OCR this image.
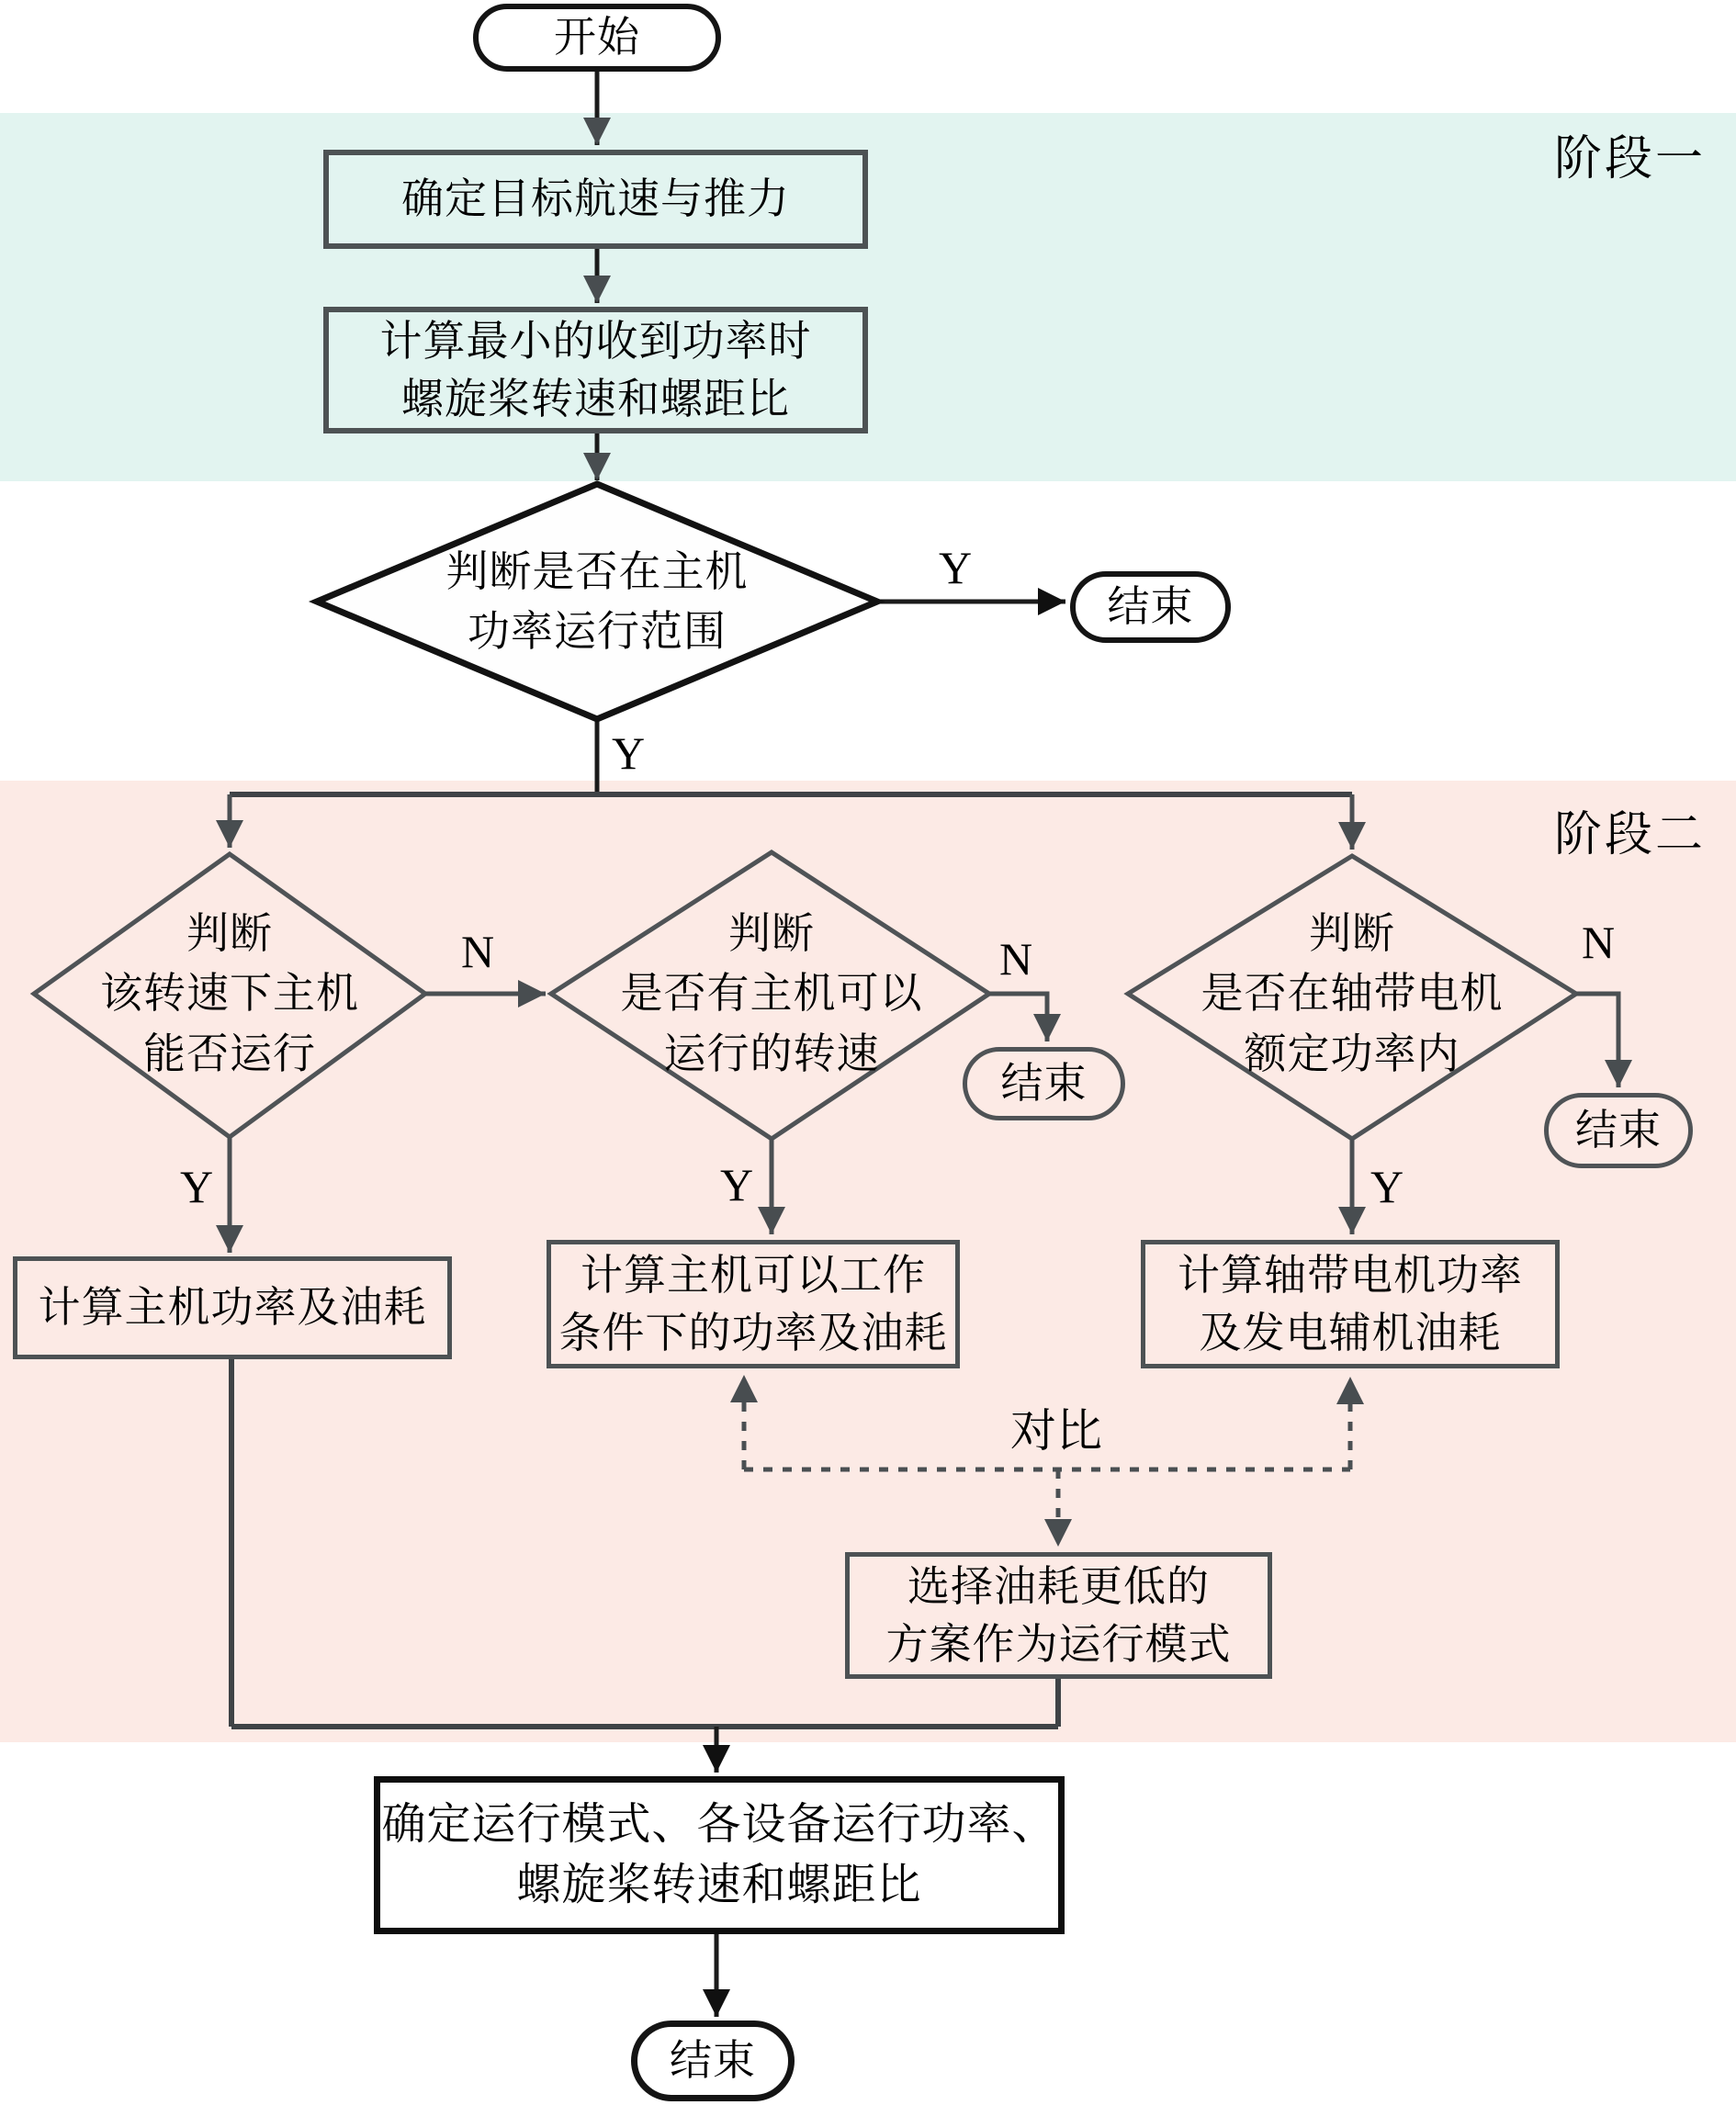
阶段一
阶段二
开始
确定目标航速与推力
计算最小的收到功率时
螺旋桨转速和螺距比
判断是否在主机
功率运行范围
结束
判断
该转速下主机
能否运行
判断
是否有主机可以
运行的转速
判断
是否在轴带电机
额定功率内
结束
结束
计算主机功率及油耗
计算主机可以工作
条件下的功率及油耗
计算轴带电机功率
及发电辅机油耗
选择油耗更低的
方案作为运行模式
确定运行模式、各设备运行功率、
螺旋桨转速和螺距比
结束
Y
Y
N
Y
N
Y
N
Y
对比
